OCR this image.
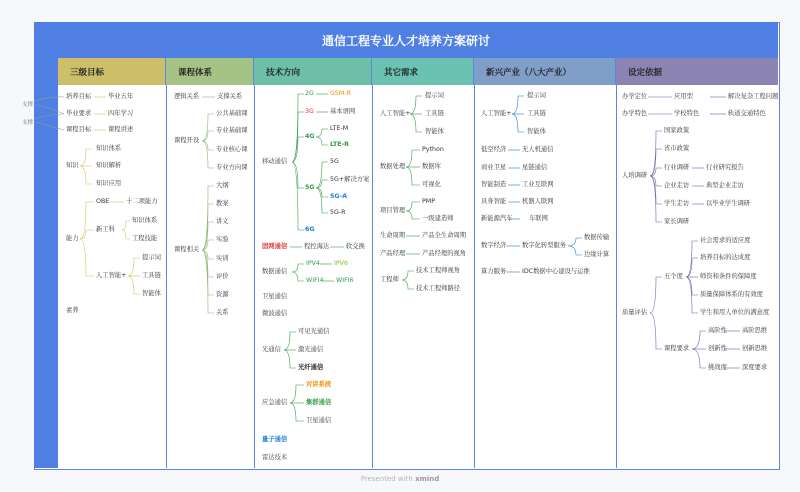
通信工程专业人才培养方案研讨
三级目标	课程体系	技术方向	其它需求	新兴产业（八大产业）	设定依据
支撑
支撑
培养目标	毕业五年
毕业要求	四年学习
课程目标	课程讲述
知识
知识体系
知识解析
知识应用
能力
OBE	十二项能力
新工科
知识体系
工程技能
人工智能+
提示词
工具链
智能体
素养
逻辑关系	支撑关系
课程开设
公共基础课
专业基础课
专业核心课
专业方向课
课程相关
大纲
教案
讲义
实验
实训
评价
资源
关系
移动通信
2G	GSM-R
3G	基本语网
4G
LTE-M
LTE-R
5G
5G
5G+解决方案
5G-A
5G-R
6G
固网通信	程控海达	软交换
数据通信
IPV4 IPV6
WIFI4 WIFI6
卫星通信
微波通信
光通信
可见光通信
激光通信
光纤通信
应急通信
对讲系统
集群通信
卫星通信
量子通信
雷达技术
人工智能+
提示词
工具链
智能体
数据处理
Python
数据库
可视化
项目管理
PMP
一级建造师
生命周期	产品全生命周期
产品经理	产品经理的视角
工程师
技术工程师视角
技术工程师路径
人工智能+
提示词
工具链
智能体
低空经济	无人机通信
商业卫星	星链通信
智能制造	工业互联网
具身智能	机器人联网
新能源汽车	车联网
数字经济	数字化转型服务
数据传输
边缘计算
算力服务	IDC数据中心建设与运维
办学定位	应用型	解决复杂工程问题
办学特色	学校特色	轨道交通特色
人培调研
国家政策
省市政策
行业调研	行业研究报告
企业走访	典型企业走访
学生走访	以毕业学生调研
家长调研
质量评估
五个度
社会需求的适应度
培养目标的达成度
师资和条件的保障度
质量保障体系的有效度
学生和用人单位的满意度
课程要求
高阶性 高阶思维
创新性 创新思维
挑战度 深度要求
Presented with xmind
